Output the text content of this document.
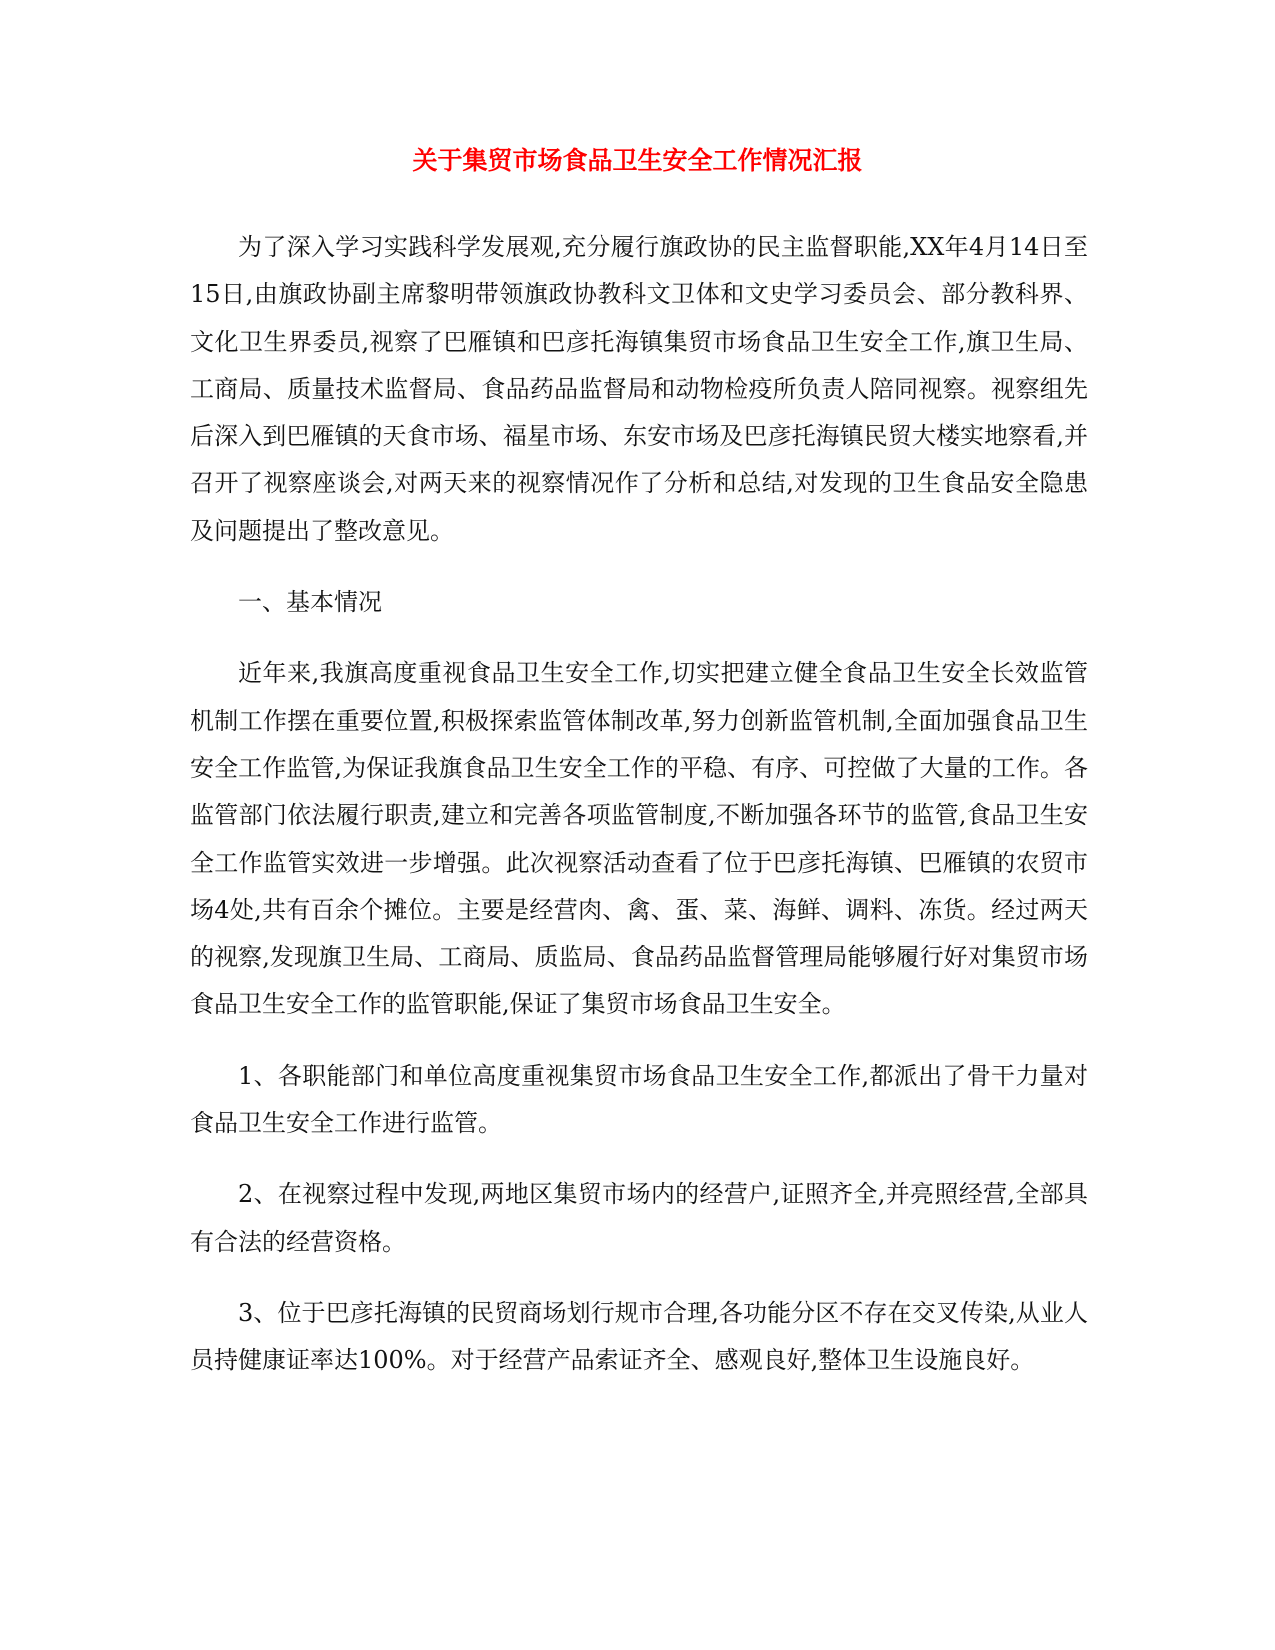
关于集贸市场食品卫生安全工作情况汇报

为了深入学习实践科学发展观,充分履行旗政协的民主监督职能,XX年4月14日至15日,由旗政协副主席黎明带领旗政协教科文卫体和文史学习委员会、部分教科界、文化卫生界委员,视察了巴雁镇和巴彦托海镇集贸市场食品卫生安全工作,旗卫生局、工商局、质量技术监督局、食品药品监督局和动物检疫所负责人陪同视察。视察组先后深入到巴雁镇的天食市场、福星市场、东安市场及巴彦托海镇民贸大楼实地察看,并召开了视察座谈会,对两天来的视察情况作了分析和总结,对发现的卫生食品安全隐患及问题提出了整改意见。

一、基本情况

近年来,我旗高度重视食品卫生安全工作,切实把建立健全食品卫生安全长效监管机制工作摆在重要位置,积极探索监管体制改革,努力创新监管机制,全面加强食品卫生安全工作监管,为保证我旗食品卫生安全工作的平稳、有序、可控做了大量的工作。各监管部门依法履行职责,建立和完善各项监管制度,不断加强各环节的监管,食品卫生安全工作监管实效进一步增强。此次视察活动查看了位于巴彦托海镇、巴雁镇的农贸市场4处,共有百余个摊位。主要是经营肉、禽、蛋、菜、海鲜、调料、冻货。经过两天的视察,发现旗卫生局、工商局、质监局、食品药品监督管理局能够履行好对集贸市场食品卫生安全工作的监管职能,保证了集贸市场食品卫生安全。

1、各职能部门和单位高度重视集贸市场食品卫生安全工作,都派出了骨干力量对食品卫生安全工作进行监管。

2、在视察过程中发现,两地区集贸市场内的经营户,证照齐全,并亮照经营,全部具有合法的经营资格。

3、位于巴彦托海镇的民贸商场划行规市合理,各功能分区不存在交叉传染,从业人员持健康证率达100%。对于经营产品索证齐全、感观良好,整体卫生设施良好。
